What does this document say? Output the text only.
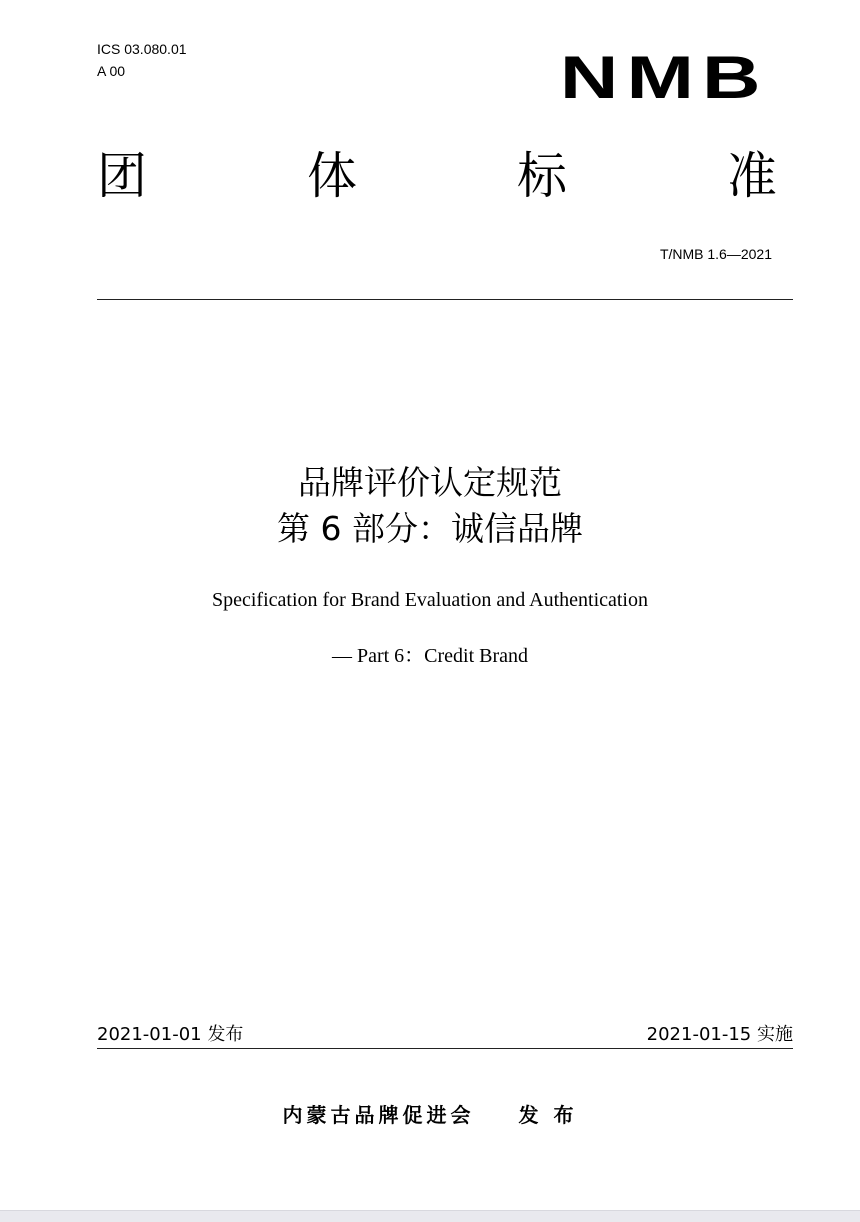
ICS 03.080.01
A 00	NMB
团	体	标	准
T/NMB 1.6—2021
品牌评价认定规范
第 6 部分：诚信品牌
Specification for Brand Evaluation and Authentication
— Part 6：Credit Brand
2021-01-01 发布	2021-01-15 实施
内蒙古品牌促进会 发 布
